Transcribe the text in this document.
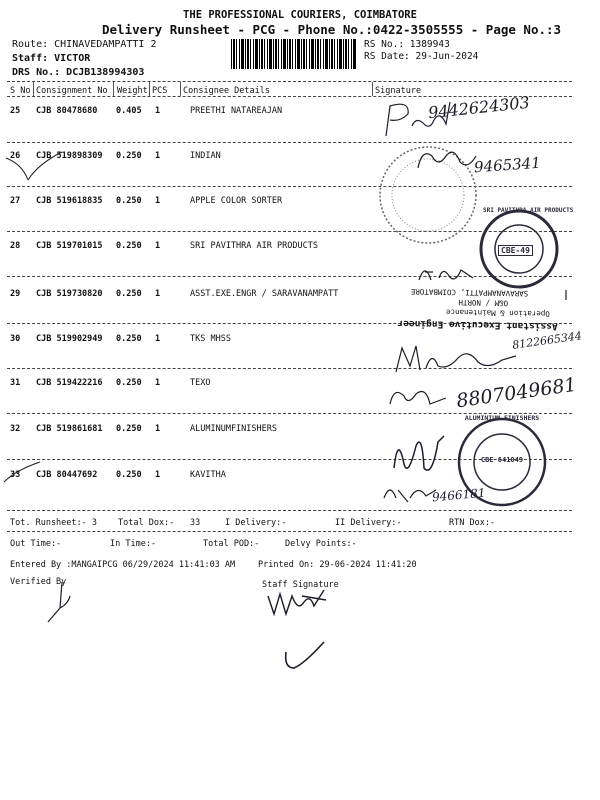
THE PROFESSIONAL COURIERS, COIMBATORE
Delivery Runsheet - PCG - Phone No.:0422-3505555 - Page No.:3
Route: CHINAVEDAMPATTI 2
Staff: VICTOR
DRS No.: DCJB138994303
RS No.: 1389943
RS Date: 29-Jun-2024
S No Consignment No Weight PCS Consignee Details	Signature
25 CJB 80478680 0.405 1	PREETHI NATAREAJAN
26 CJB 519898309 0.250 1	INDIAN
27 CJB 519618835 0.250 1	APPLE COLOR SORTER
28 CJB 519701015 0.250 1	SRI PAVITHRA AIR PRODUCTS
29 CJB 519730820 0.250 1	ASST.EXE.ENGR / SARAVANAMPATT
30 CJB 519902949 0.250 1	TKS MHSS
31 CJB 519422216 0.250 1	TEXO
32 CJB 519861681 0.250 1	ALUMINUMFINISHERS
33 CJB 80447692 0.250 1	KAVITHA
SRI PAVITHRA AIR PRODUCTS
CBE-49
Assistant Executive Engineer
Operation & Maintenance
O&M / NORTH
SARAVANAMPATTI, COIMBATORE
ALUMINIUM FINISHERS
CBE 641049
9442624303
9465341
8122665344
8807049681
9466181
Tot. Runsheet:- 3 Total Dox:- 33	I Delivery:-	II Delivery:-	RTN Dox:-
Out Time:-	In Time:-	Total POD:-	Delvy Points:-
Entered By :MANGAIPCG 06/29/2024 11:41:03 AM	Printed On: 29-06-2024 11:41:20
Verified By	Staff Signature
